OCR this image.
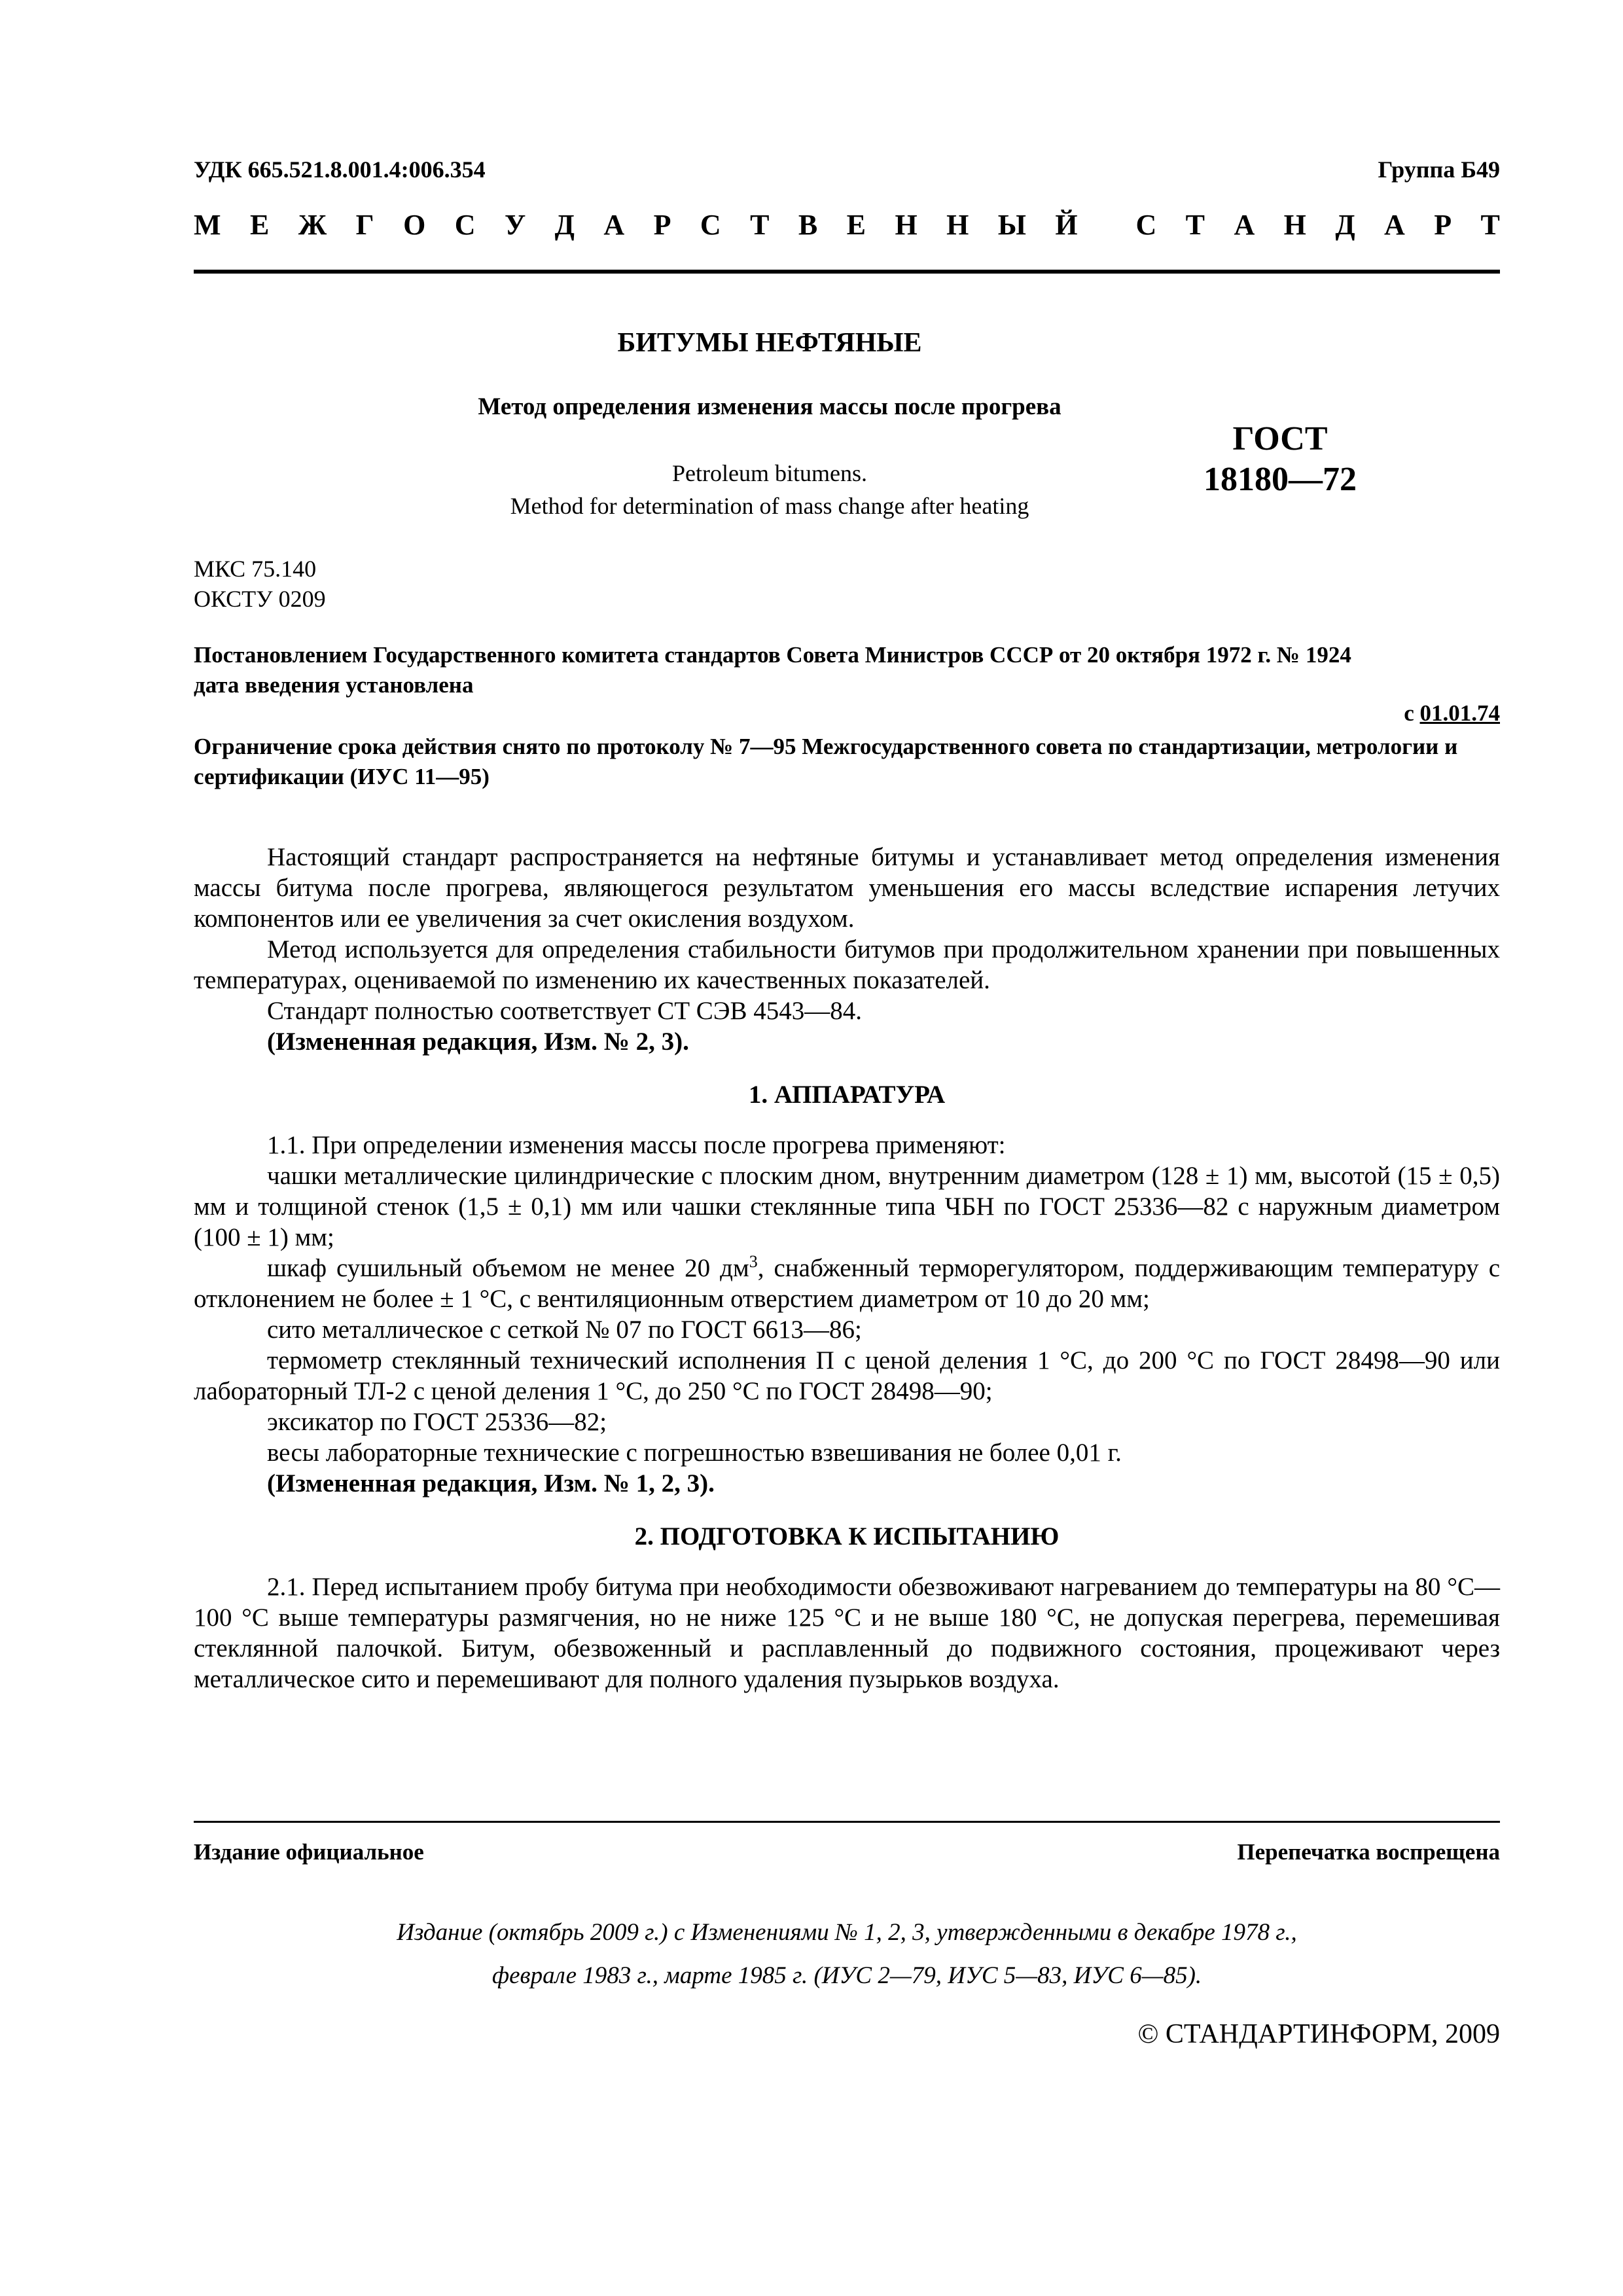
УДК 665.521.8.001.4:006.354	Группа Б49
М Е Ж Г О С У Д А Р С Т В Е Н Н Ы Й С Т А Н Д А Р Т
БИТУМЫ НЕФТЯНЫЕ
Метод определения изменения массы после прогрева
Petroleum bitumens.
Method for determination of mass change after heating
ГОСТ
18180—72
МКС 75.140
ОКСТУ 0209
Постановлением Государственного комитета стандартов Совета Министров СССР от 20 октября 1972 г. № 1924
дата введения установлена
с 01.01.74
Ограничение срока действия снято по протоколу № 7—95 Межгосударственного совета по стандартизации, метрологии и сертификации (ИУС 11—95)

Настоящий стандарт распространяется на нефтяные битумы и устанавливает метод определения изменения массы битума после прогрева, являющегося результатом уменьшения его массы вследствие испарения летучих компонентов или ее увеличения за счет окисления воздухом.

Метод используется для определения стабильности битумов при продолжительном хранении при повышенных температурах, оцениваемой по изменению их качественных показателей.

Стандарт полностью соответствует СТ СЭВ 4543—84.

(Измененная редакция, Изм. № 2, 3).

1. АППАРАТУРА

1.1. При определении изменения массы после прогрева применяют:

чашки металлические цилиндрические с плоским дном, внутренним диаметром (128 ± 1) мм, высотой (15 ± 0,5) мм и толщиной стенок (1,5 ± 0,1) мм или чашки стеклянные типа ЧБН по ГОСТ 25336—82 с наружным диаметром (100 ± 1) мм;

шкаф сушильный объемом не менее 20 $дм^3$, снабженный терморегулятором, поддерживающим температуру с отклонением не более ± 1 °С, с вентиляционным отверстием диаметром от 10 до 20 мм;

сито металлическое с сеткой № 07 по ГОСТ 6613—86;

термометр стеклянный технический исполнения П с ценой деления 1 °С, до 200 °С по ГОСТ 28498—90 или лабораторный ТЛ-2 с ценой деления 1 °С, до 250 °С по ГОСТ 28498—90;

эксикатор по ГОСТ 25336—82;

весы лабораторные технические с погрешностью взвешивания не более 0,01 г.

(Измененная редакция, Изм. № 1, 2, 3).

2. ПОДГОТОВКА К ИСПЫТАНИЮ

2.1. Перед испытанием пробу битума при необходимости обезвоживают нагреванием до температуры на 80 °С—100 °С выше температуры размягчения, но не ниже 125 °С и не выше 180 °С, не допуская перегрева, перемешивая стеклянной палочкой. Битум, обезвоженный и расплавленный до подвижного состояния, процеживают через металлическое сито и перемешивают для полного удаления пузырьков воздуха.

Издание официальное	Перепечатка воспрещена
Издание (октябрь 2009 г.) с Изменениями № 1, 2, 3, утвержденными в декабре 1978 г.,
феврале 1983 г., марте 1985 г. (ИУС 2—79, ИУС 5—83, ИУС 6—85).
© СТАНДАРТИНФОРМ, 2009
